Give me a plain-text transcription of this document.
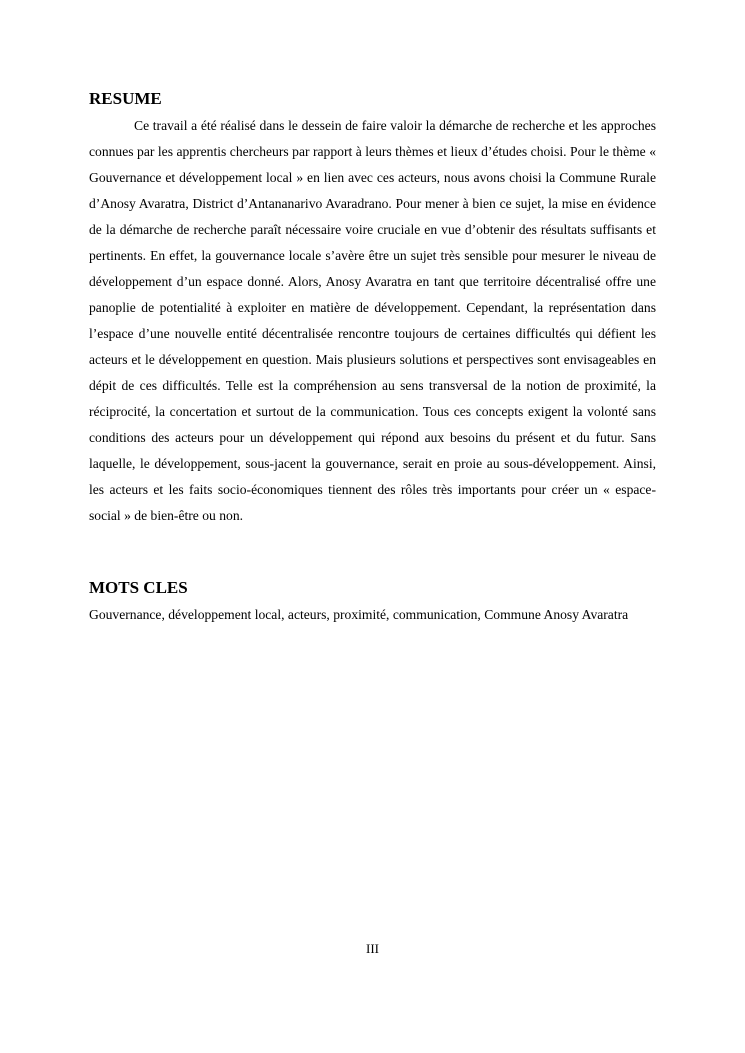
RESUME

Ce travail a été réalisé dans le dessein de faire valoir la démarche de recherche et les approches connues par les apprentis chercheurs par rapport à leurs thèmes et lieux d’études choisi. Pour le thème « Gouvernance et développement local » en lien avec ces acteurs, nous avons choisi la Commune Rurale d’Anosy Avaratra, District d’Antananarivo Avaradrano. Pour mener à bien ce sujet, la mise en évidence de la démarche de recherche paraît nécessaire voire cruciale en vue d’obtenir des résultats suffisants et pertinents. En effet, la gouvernance locale s’avère être un sujet très sensible pour mesurer le niveau de développement d’un espace donné. Alors, Anosy Avaratra en tant que territoire décentralisé offre une panoplie de potentialité à exploiter en matière de développement. Cependant, la représentation dans l’espace d’une nouvelle entité décentralisée rencontre toujours de certaines difficultés qui défient les acteurs et le développement en question. Mais plusieurs solutions et perspectives sont envisageables en dépit de ces difficultés. Telle est la compréhension au sens transversal de la notion de proximité, la réciprocité, la concertation et surtout de la communication. Tous ces concepts exigent la volonté sans conditions des acteurs pour un développement qui répond aux besoins du présent et du futur. Sans laquelle, le développement, sous-jacent la gouvernance, serait en proie au sous-développement. Ainsi, les acteurs et les faits socio-économiques tiennent des rôles très importants pour créer un « espace-social » de bien-être ou non.

MOTS CLES

Gouvernance, développement local, acteurs, proximité, communication, Commune Anosy Avaratra

III
